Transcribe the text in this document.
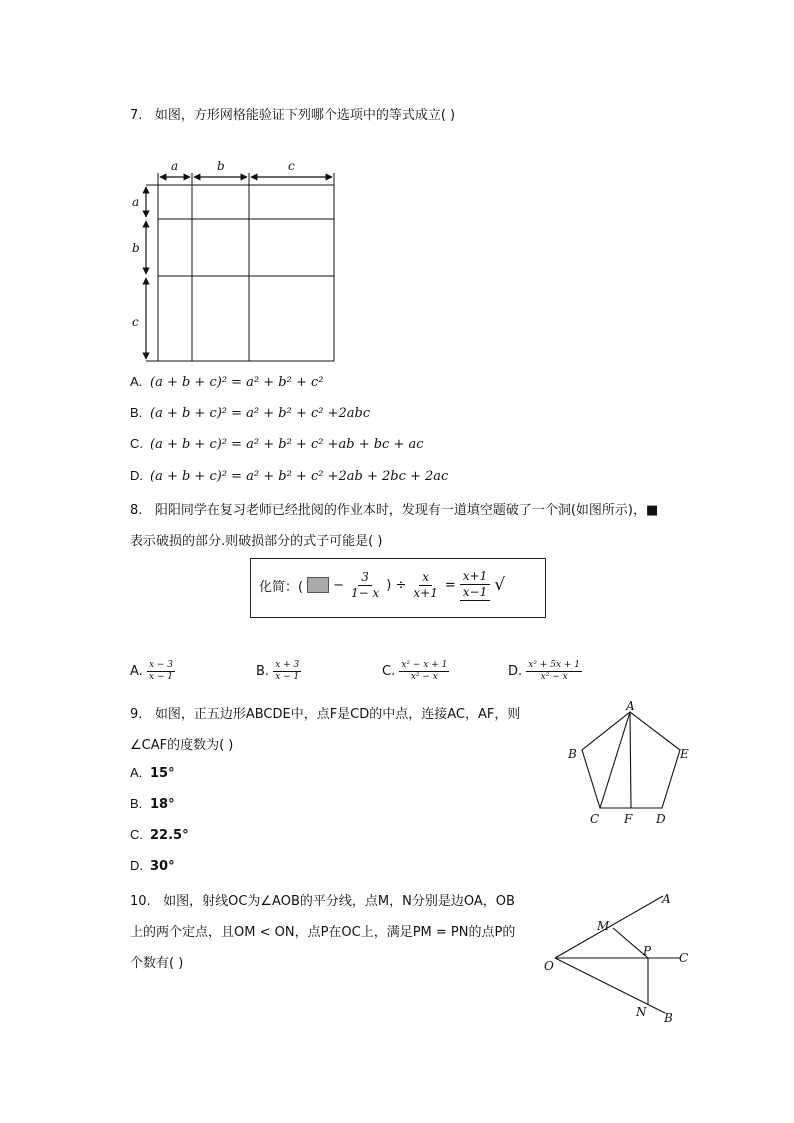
7. 如图，方形网格能验证下列哪个选项中的等式成立( )
a	b	c
a
b
c
A. (a + b + c)² = a² + b² + c²
B. (a + b + c)² = a² + b² + c² +2abc
C. (a + b + c)² = a² + b² + c² +ab + bc + ac
D. (a + b + c)² = a² + b² + c² +2ab + 2bc + 2ac
8. 阳阳同学在复习老师已经批阅的作业本时，发现有一道填空题破了一个洞(如图所示)，■
表示破损的部分.则破损部分的式子可能是( )
化简：( − $\frac{3}{1- x}$ ) ÷ $\frac{x}{x+1} = \frac{x+1}{x-1}$ √
A. $\frac{x - 3}{x - 1}$	B. $\frac{x + 3}{x - 1}$	C. $\frac{\text{x² − x + 1}}{\text{x² − x}}$	D. $\frac{\text{x² + 5x + 1}}{\text{x² − x}}$
9. 如图，正五边形ABCDE中，点F是CD的中点，连接AC，AF，则
∠CAF的度数为( )
A. 15°
B. 18°
C. 22.5°
D. 30°
A
B	E
C F D
10. 如图，射线OC为∠AOB的平分线，点M，N分别是边OA，OB
上的两个定点，且OM < ON，点P在OC上，满足PM = PN的点P的
个数有( )
A
M
P C
O
N B
